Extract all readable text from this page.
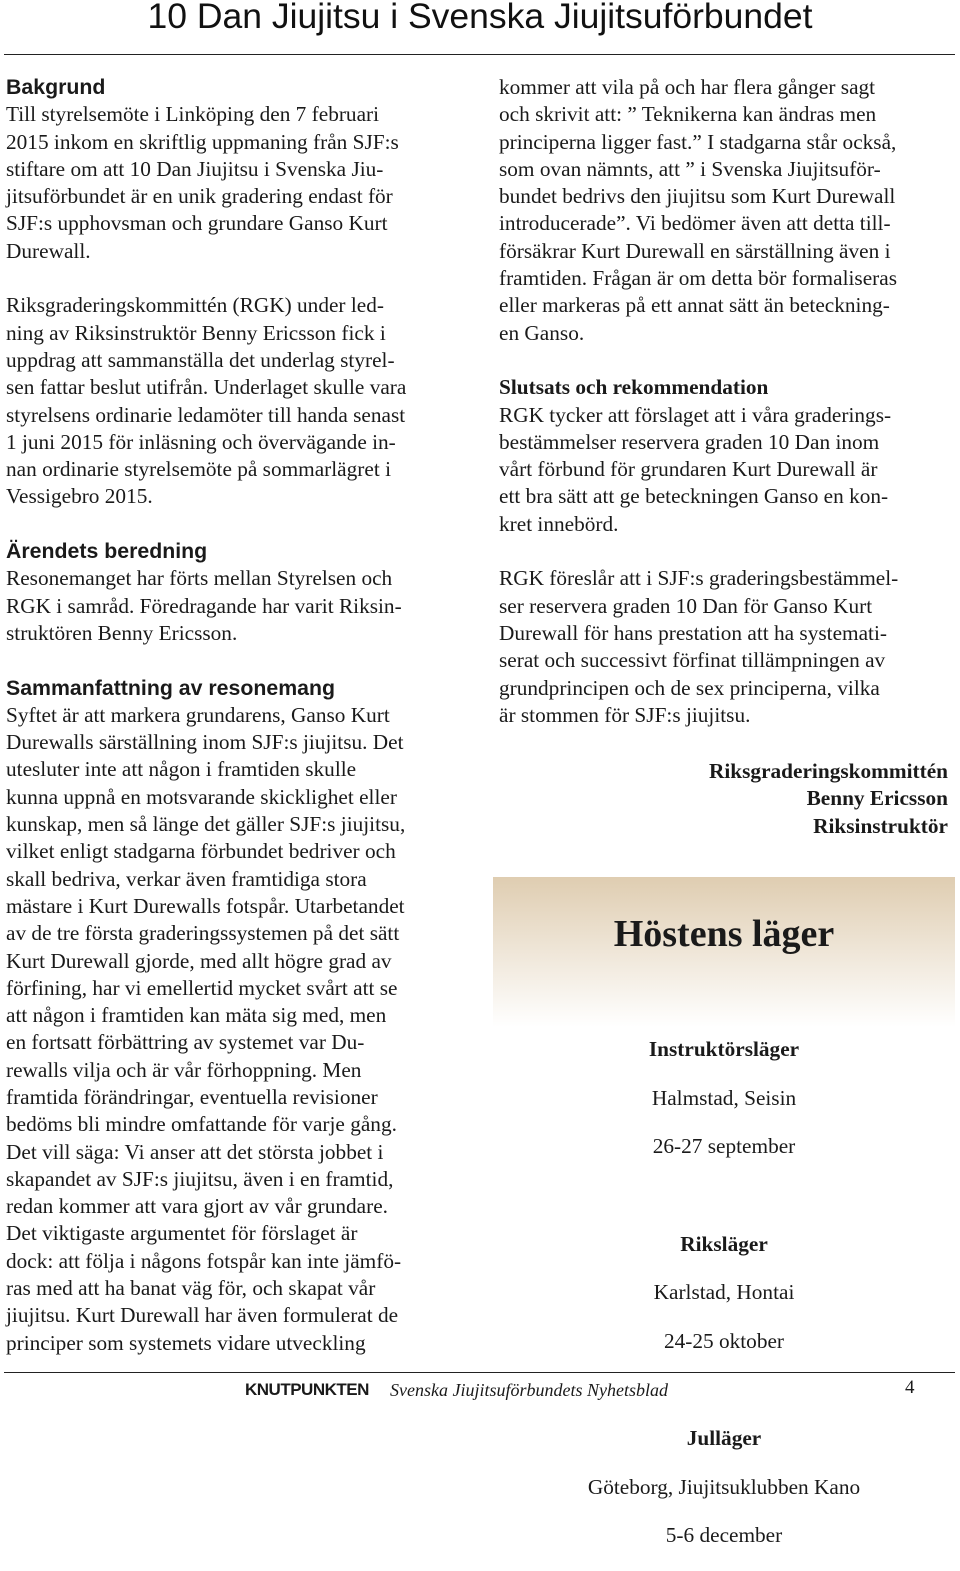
10 Dan Jiujitsu i Svenska Jiujitsuförbundet

Bakgrund

Till styrelsemöte i Linköping den 7 februari
2015 inkom en skriftlig uppmaning från SJF:s
stiftare om att 10 Dan Jiujitsu i Svenska Jiu-
jitsuförbundet är en unik gradering endast för
SJF:s upphovsman och grundare Ganso Kurt
Durewall.
Riksgraderingskommittén (RGK) under led-
ning av Riksinstruktör Benny Ericsson fick i
uppdrag att sammanställa det underlag styrel-
sen fattar beslut utifrån. Underlaget skulle vara
styrelsens ordinarie ledamöter till handa senast
1 juni 2015 för inläsning och övervägande in-
nan ordinarie styrelsemöte på sommarlägret i
Vessigebro 2015.

Ärendets beredning

Resonemanget har förts mellan Styrelsen och
RGK i samråd. Föredragande har varit Riksin-
struktören Benny Ericsson.

Sammanfattning av resonemang

Syftet är att markera grundarens, Ganso Kurt
Durewalls särställning inom SJF:s jiujitsu. Det
utesluter inte att någon i framtiden skulle
kunna uppnå en motsvarande skicklighet eller
kunskap, men så länge det gäller SJF:s jiujitsu,
vilket enligt stadgarna förbundet bedriver och
skall bedriva, verkar även framtidiga stora
mästare i Kurt Durewalls fotspår. Utarbetandet
av de tre första graderingssystemen på det sätt
Kurt Durewall gjorde, med allt högre grad av
förfining, har vi emellertid mycket svårt att se
att någon i framtiden kan mäta sig med, men
en fortsatt förbättring av systemet var Du-
rewalls vilja och är vår förhoppning. Men
framtida förändringar, eventuella revisioner
bedöms bli mindre omfattande för varje gång.
Det vill säga: Vi anser att det största jobbet i
skapandet av SJF:s jiujitsu, även i en framtid,
redan kommer att vara gjort av vår grundare.
Det viktigaste argumentet för förslaget är
dock: att följa i någons fotspår kan inte jämfö-
ras med att ha banat väg för, och skapat vår
jiujitsu. Kurt Durewall har även formulerat de
principer som systemets vidare utveckling
kommer att vila på och har flera gånger sagt
och skrivit att: ” Teknikerna kan ändras men
principerna ligger fast.” I stadgarna står också,
som ovan nämnts, att ” i Svenska Jiujitsuför-
bundet bedrivs den jiujitsu som Kurt Durewall
introducerade”. Vi bedömer även att detta till-
försäkrar Kurt Durewall en särställning även i
framtiden. Frågan är om detta bör formaliseras
eller markeras på ett annat sätt än beteckning-
en Ganso.

Slutsats och rekommendation

RGK tycker att förslaget att i våra graderings-
bestämmelser reservera graden 10 Dan inom
vårt förbund för grundaren Kurt Durewall är
ett bra sätt att ge beteckningen Ganso en kon-
kret innebörd.
RGK föreslår att i SJF:s graderingsbestämmel-
ser reservera graden 10 Dan för Ganso Kurt
Durewall för hans prestation att ha systemati-
serat och successivt förfinat tillämpningen av
grundprincipen och de sex principerna, vilka
är stommen för SJF:s jiujitsu.
Riksgraderingskommittén
Benny Ericsson
Riksinstruktör
Höstens läger

Instruktörsläger

Halmstad, Seisin

26-27 september

Riksläger

Karlstad, Hontai

24-25 oktober

Julläger

Göteborg, Jiujitsuklubben Kano

5-6 december

KNUTPUNKTEN Svenska Jiujitsuförbundets Nyhetsblad	4
